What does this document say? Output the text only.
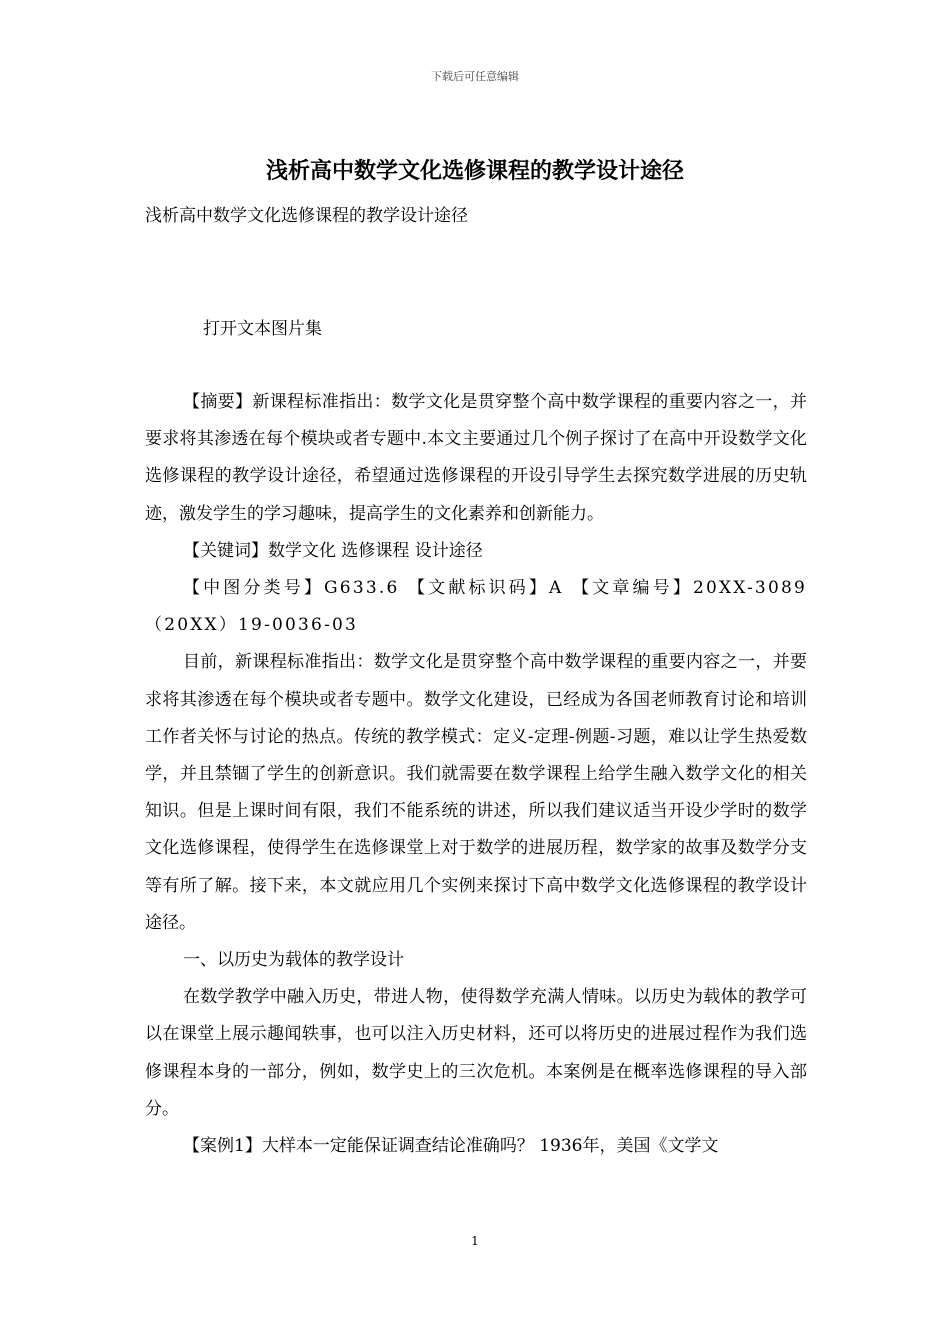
下载后可任意编辑
浅析高中数学文化选修课程的教学设计途径
浅析高中数学文化选修课程的教学设计途径
打开文本图片集

【摘要】新课程标准指出：数学文化是贯穿整个高中数学课程的重要内容之一，并要求将其渗透在每个模块或者专题中.本文主要通过几个例子探讨了在高中开设数学文化选修课程的教学设计途径，希望通过选修课程的开设引导学生去探究数学进展的历史轨迹，激发学生的学习趣味，提高学生的文化素养和创新能力。

【关键词】数学文化 选修课程 设计途径

【中图分类号】G633.6 【文献标识码】A 【文章编号】20XX-3089（20XX）19-0036-03

目前，新课程标准指出：数学文化是贯穿整个高中数学课程的重要内容之一，并要求将其渗透在每个模块或者专题中。数学文化建设，已经成为各国老师教育讨论和培训工作者关怀与讨论的热点。传统的教学模式：定义-定理-例题-习题，难以让学生热爱数学，并且禁锢了学生的创新意识。我们就需要在数学课程上给学生融入数学文化的相关知识。但是上课时间有限，我们不能系统的讲述，所以我们建议适当开设少学时的数学文化选修课程，使得学生在选修课堂上对于数学的进展历程，数学家的故事及数学分支等有所了解。接下来，本文就应用几个实例来探讨下高中数学文化选修课程的教学设计途径。

一、以历史为载体的教学设计

在数学教学中融入历史，带进人物，使得数学充满人情味。以历史为载体的教学可以在课堂上展示趣闻轶事，也可以注入历史材料，还可以将历史的进展过程作为我们选修课程本身的一部分，例如，数学史上的三次危机。本案例是在概率选修课程的导入部分。

【案例1】大样本一定能保证调查结论准确吗？ 1936年，美国《文学文

1
